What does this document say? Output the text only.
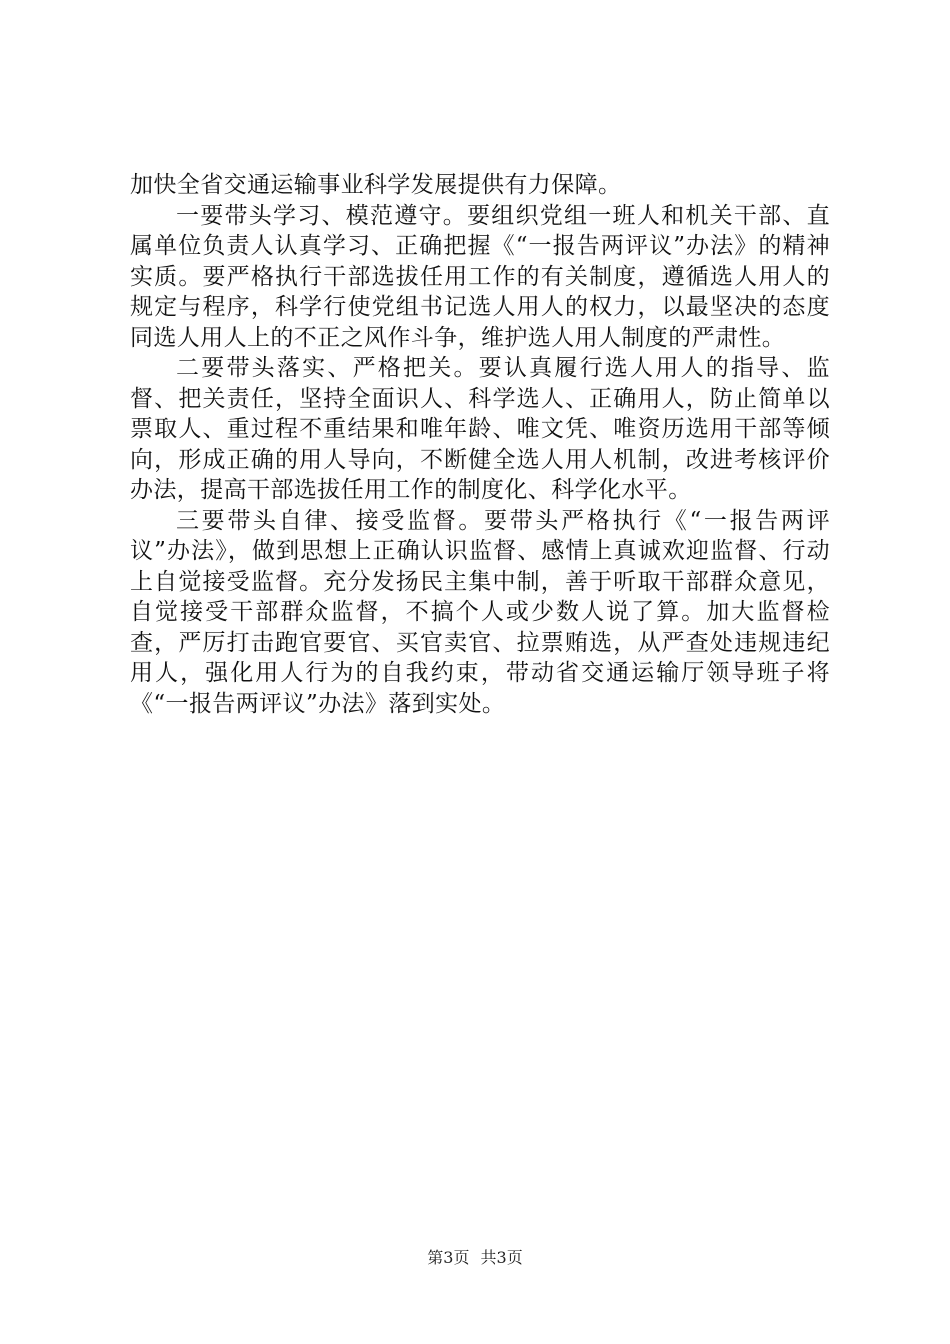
加快全省交通运输事业科学发展提供有力保障。

一要带头学习、模范遵守。要组织党组一班人和机关干部、直属单位负责人认真学习、正确把握《“一报告两评议”办法》的精神实质。要严格执行干部选拔任用工作的有关制度，遵循选人用人的规定与程序，科学行使党组书记选人用人的权力，以最坚决的态度同选人用人上的不正之风作斗争，维护选人用人制度的严肃性。

二要带头落实、严格把关。要认真履行选人用人的指导、监督、把关责任，坚持全面识人、科学选人、正确用人，防止简单以票取人、重过程不重结果和唯年龄、唯文凭、唯资历选用干部等倾向，形成正确的用人导向，不断健全选人用人机制，改进考核评价办法，提高干部选拔任用工作的制度化、科学化水平。

三要带头自律、接受监督。要带头严格执行《“一报告两评议”办法》，做到思想上正确认识监督、感情上真诚欢迎监督、行动上自觉接受监督。充分发扬民主集中制，善于听取干部群众意见，自觉接受干部群众监督，不搞个人或少数人说了算。加大监督检查，严厉打击跑官要官、买官卖官、拉票贿选，从严查处违规违纪用人，强化用人行为的自我约束，带动省交通运输厅领导班子将《“一报告两评议”办法》落到实处。

第3页 共3页
